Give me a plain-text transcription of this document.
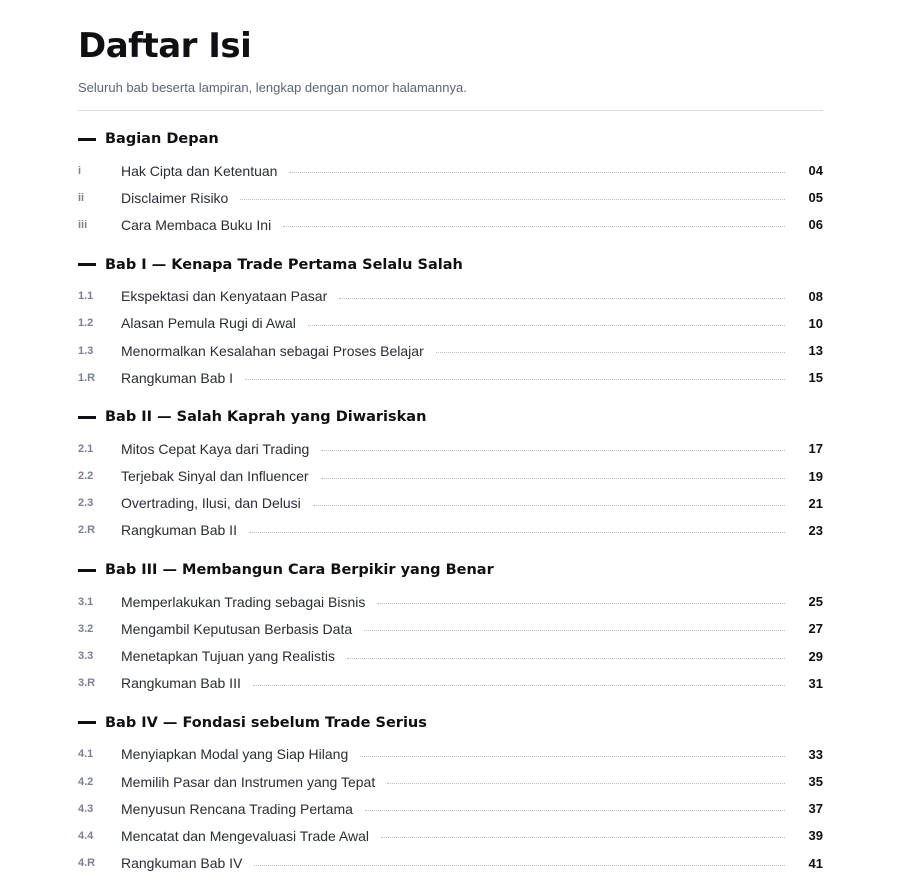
Daftar Isi
Seluruh bab beserta lampiran, lengkap dengan nomor halamannya.
Bagian Depan
i	Hak Cipta dan Ketentuan	04
ii	Disclaimer Risiko	05
iii	Cara Membaca Buku Ini	06
Bab I — Kenapa Trade Pertama Selalu Salah
1.1	Ekspektasi dan Kenyataan Pasar	08
1.2	Alasan Pemula Rugi di Awal	10
1.3	Menormalkan Kesalahan sebagai Proses Belajar	13
1.R	Rangkuman Bab I	15
Bab II — Salah Kaprah yang Diwariskan
2.1	Mitos Cepat Kaya dari Trading	17
2.2	Terjebak Sinyal dan Influencer	19
2.3	Overtrading, Ilusi, dan Delusi	21
2.R	Rangkuman Bab II	23
Bab III — Membangun Cara Berpikir yang Benar
3.1	Memperlakukan Trading sebagai Bisnis	25
3.2	Mengambil Keputusan Berbasis Data	27
3.3	Menetapkan Tujuan yang Realistis	29
3.R	Rangkuman Bab III	31
Bab IV — Fondasi sebelum Trade Serius
4.1	Menyiapkan Modal yang Siap Hilang	33
4.2	Memilih Pasar dan Instrumen yang Tepat	35
4.3	Menyusun Rencana Trading Pertama	37
4.4	Mencatat dan Mengevaluasi Trade Awal	39
4.R	Rangkuman Bab IV	41
